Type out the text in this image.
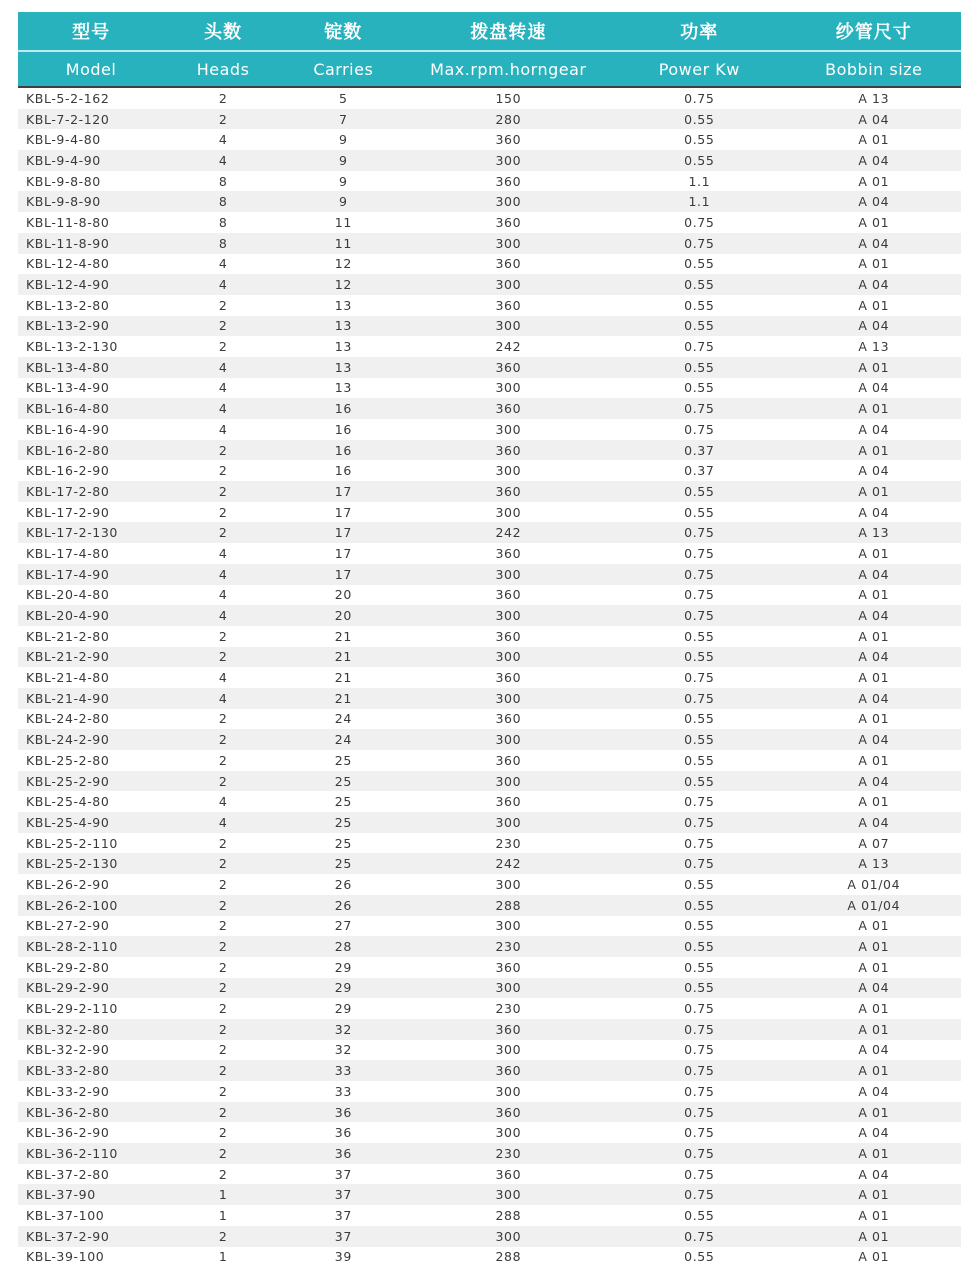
型号	头数	锭数	拨盘转速	功率	纱管尺寸
Model	Heads	Carries	Max.rpm.horngear	Power Kw	Bobbin size
KBL-5-2-162	2	5	150	0.75	A 13
KBL-7-2-120	2	7	280	0.55	A 04
KBL-9-4-80	4	9	360	0.55	A 01
KBL-9-4-90	4	9	300	0.55	A 04
KBL-9-8-80	8	9	360	1.1	A 01
KBL-9-8-90	8	9	300	1.1	A 04
KBL-11-8-80	8	11	360	0.75	A 01
KBL-11-8-90	8	11	300	0.75	A 04
KBL-12-4-80	4	12	360	0.55	A 01
KBL-12-4-90	4	12	300	0.55	A 04
KBL-13-2-80	2	13	360	0.55	A 01
KBL-13-2-90	2	13	300	0.55	A 04
KBL-13-2-130	2	13	242	0.75	A 13
KBL-13-4-80	4	13	360	0.55	A 01
KBL-13-4-90	4	13	300	0.55	A 04
KBL-16-4-80	4	16	360	0.75	A 01
KBL-16-4-90	4	16	300	0.75	A 04
KBL-16-2-80	2	16	360	0.37	A 01
KBL-16-2-90	2	16	300	0.37	A 04
KBL-17-2-80	2	17	360	0.55	A 01
KBL-17-2-90	2	17	300	0.55	A 04
KBL-17-2-130	2	17	242	0.75	A 13
KBL-17-4-80	4	17	360	0.75	A 01
KBL-17-4-90	4	17	300	0.75	A 04
KBL-20-4-80	4	20	360	0.75	A 01
KBL-20-4-90	4	20	300	0.75	A 04
KBL-21-2-80	2	21	360	0.55	A 01
KBL-21-2-90	2	21	300	0.55	A 04
KBL-21-4-80	4	21	360	0.75	A 01
KBL-21-4-90	4	21	300	0.75	A 04
KBL-24-2-80	2	24	360	0.55	A 01
KBL-24-2-90	2	24	300	0.55	A 04
KBL-25-2-80	2	25	360	0.55	A 01
KBL-25-2-90	2	25	300	0.55	A 04
KBL-25-4-80	4	25	360	0.75	A 01
KBL-25-4-90	4	25	300	0.75	A 04
KBL-25-2-110	2	25	230	0.75	A 07
KBL-25-2-130	2	25	242	0.75	A 13
KBL-26-2-90	2	26	300	0.55	A 01/04
KBL-26-2-100	2	26	288	0.55	A 01/04
KBL-27-2-90	2	27	300	0.55	A 01
KBL-28-2-110	2	28	230	0.55	A 01
KBL-29-2-80	2	29	360	0.55	A 01
KBL-29-2-90	2	29	300	0.55	A 04
KBL-29-2-110	2	29	230	0.75	A 01
KBL-32-2-80	2	32	360	0.75	A 01
KBL-32-2-90	2	32	300	0.75	A 04
KBL-33-2-80	2	33	360	0.75	A 01
KBL-33-2-90	2	33	300	0.75	A 04
KBL-36-2-80	2	36	360	0.75	A 01
KBL-36-2-90	2	36	300	0.75	A 04
KBL-36-2-110	2	36	230	0.75	A 01
KBL-37-2-80	2	37	360	0.75	A 04
KBL-37-90	1	37	300	0.75	A 01
KBL-37-100	1	37	288	0.55	A 01
KBL-37-2-90	2	37	300	0.75	A 01
KBL-39-100	1	39	288	0.55	A 01
